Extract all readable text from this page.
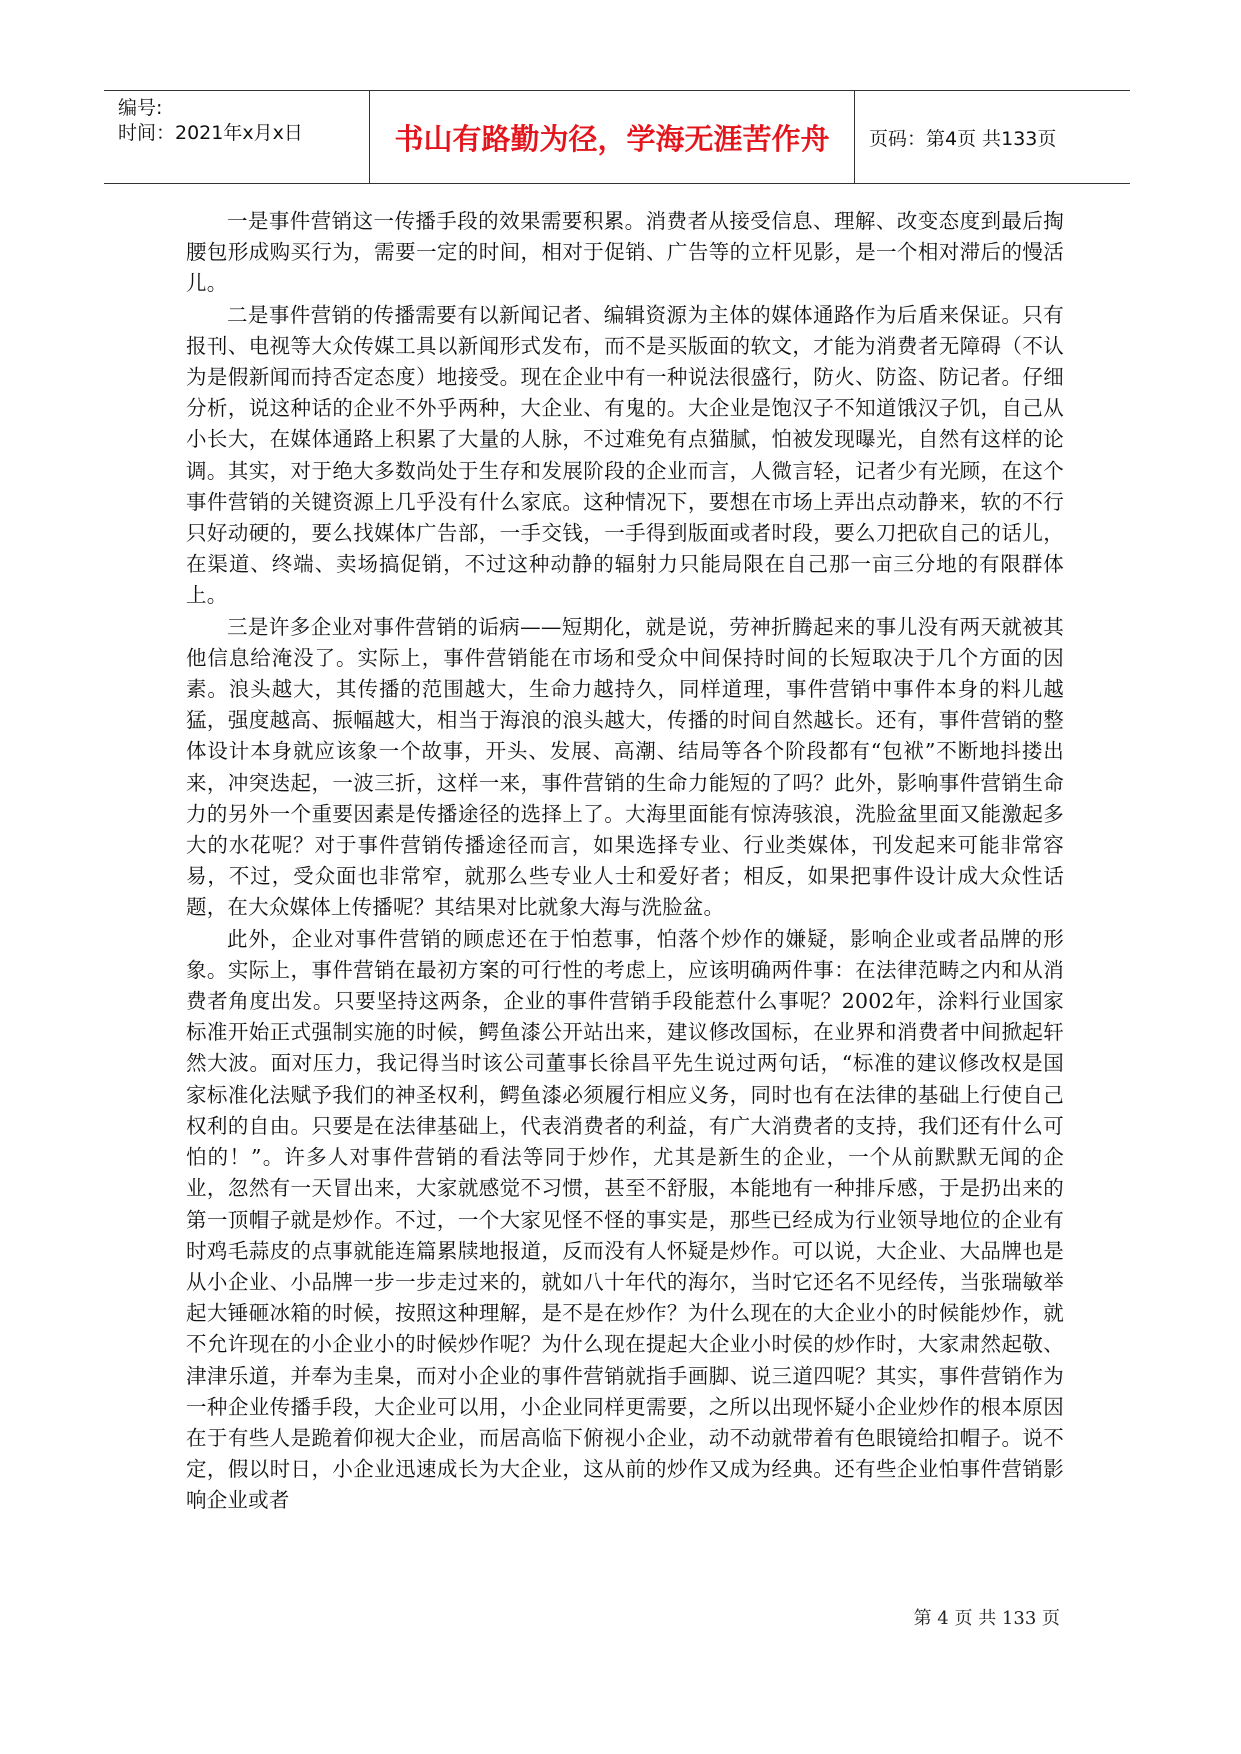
编号:
时间：2021年x月x日	书山有路勤为径，学海无涯苦作舟	页码：第4页 共133页

一是事件营销这一传播手段的效果需要积累。消费者从接受信息、理解、改变态度到最后掏腰包形成购买行为，需要一定的时间，相对于促销、广告等的立杆见影，是一个相对滞后的慢活儿。

二是事件营销的传播需要有以新闻记者、编辑资源为主体的媒体通路作为后盾来保证。只有报刊、电视等大众传媒工具以新闻形式发布，而不是买版面的软文，才能为消费者无障碍（不认为是假新闻而持否定态度）地接受。现在企业中有一种说法很盛行，防火、防盗、防记者。仔细分析，说这种话的企业不外乎两种，大企业、有鬼的。大企业是饱汉子不知道饿汉子饥，自己从小长大，在媒体通路上积累了大量的人脉，不过难免有点猫腻，怕被发现曝光，自然有这样的论调。其实，对于绝大多数尚处于生存和发展阶段的企业而言，人微言轻，记者少有光顾，在这个事件营销的关键资源上几乎没有什么家底。这种情况下，要想在市场上弄出点动静来，软的不行只好动硬的，要么找媒体广告部，一手交钱，一手得到版面或者时段，要么刀把砍自己的话儿，在渠道、终端、卖场搞促销，不过这种动静的辐射力只能局限在自己那一亩三分地的有限群体上。

三是许多企业对事件营销的诟病——短期化，就是说，劳神折腾起来的事儿没有两天就被其他信息给淹没了。实际上，事件营销能在市场和受众中间保持时间的长短取决于几个方面的因素。浪头越大，其传播的范围越大，生命力越持久，同样道理，事件营销中事件本身的料儿越猛，强度越高、振幅越大，相当于海浪的浪头越大，传播的时间自然越长。还有，事件营销的整体设计本身就应该象一个故事，开头、发展、高潮、结局等各个阶段都有“包袱”不断地抖搂出来，冲突迭起，一波三折，这样一来，事件营销的生命力能短的了吗？此外，影响事件营销生命力的另外一个重要因素是传播途径的选择上了。大海里面能有惊涛骇浪，洗脸盆里面又能激起多大的水花呢？对于事件营销传播途径而言，如果选择专业、行业类媒体，刊发起来可能非常容易，不过，受众面也非常窄，就那么些专业人士和爱好者；相反，如果把事件设计成大众性话题，在大众媒体上传播呢？其结果对比就象大海与洗脸盆。

此外，企业对事件营销的顾虑还在于怕惹事，怕落个炒作的嫌疑，影响企业或者品牌的形象。实际上，事件营销在最初方案的可行性的考虑上，应该明确两件事：在法律范畴之内和从消费者角度出发。只要坚持这两条，企业的事件营销手段能惹什么事呢？2002年，涂料行业国家标准开始正式强制实施的时候，鳄鱼漆公开站出来，建议修改国标，在业界和消费者中间掀起轩然大波。面对压力，我记得当时该公司董事长徐昌平先生说过两句话，“标准的建议修改权是国家标准化法赋予我们的神圣权利，鳄鱼漆必须履行相应义务，同时也有在法律的基础上行使自己权利的自由。只要是在法律基础上，代表消费者的利益，有广大消费者的支持，我们还有什么可怕的！”。许多人对事件营销的看法等同于炒作，尤其是新生的企业，一个从前默默无闻的企业，忽然有一天冒出来，大家就感觉不习惯，甚至不舒服，本能地有一种排斥感，于是扔出来的第一顶帽子就是炒作。不过，一个大家见怪不怪的事实是，那些已经成为行业领导地位的企业有时鸡毛蒜皮的点事就能连篇累牍地报道，反而没有人怀疑是炒作。可以说，大企业、大品牌也是从小企业、小品牌一步一步走过来的，就如八十年代的海尔，当时它还名不见经传，当张瑞敏举起大锤砸冰箱的时候，按照这种理解，是不是在炒作？为什么现在的大企业小的时候能炒作，就不允许现在的小企业小的时候炒作呢？为什么现在提起大企业小时侯的炒作时，大家肃然起敬、津津乐道，并奉为圭臬，而对小企业的事件营销就指手画脚、说三道四呢？其实，事件营销作为一种企业传播手段，大企业可以用，小企业同样更需要，之所以出现怀疑小企业炒作的根本原因在于有些人是跪着仰视大企业，而居高临下俯视小企业，动不动就带着有色眼镜给扣帽子。说不定，假以时日，小企业迅速成长为大企业，这从前的炒作又成为经典。还有些企业怕事件营销影响企业或者

第 4 页 共 133 页
